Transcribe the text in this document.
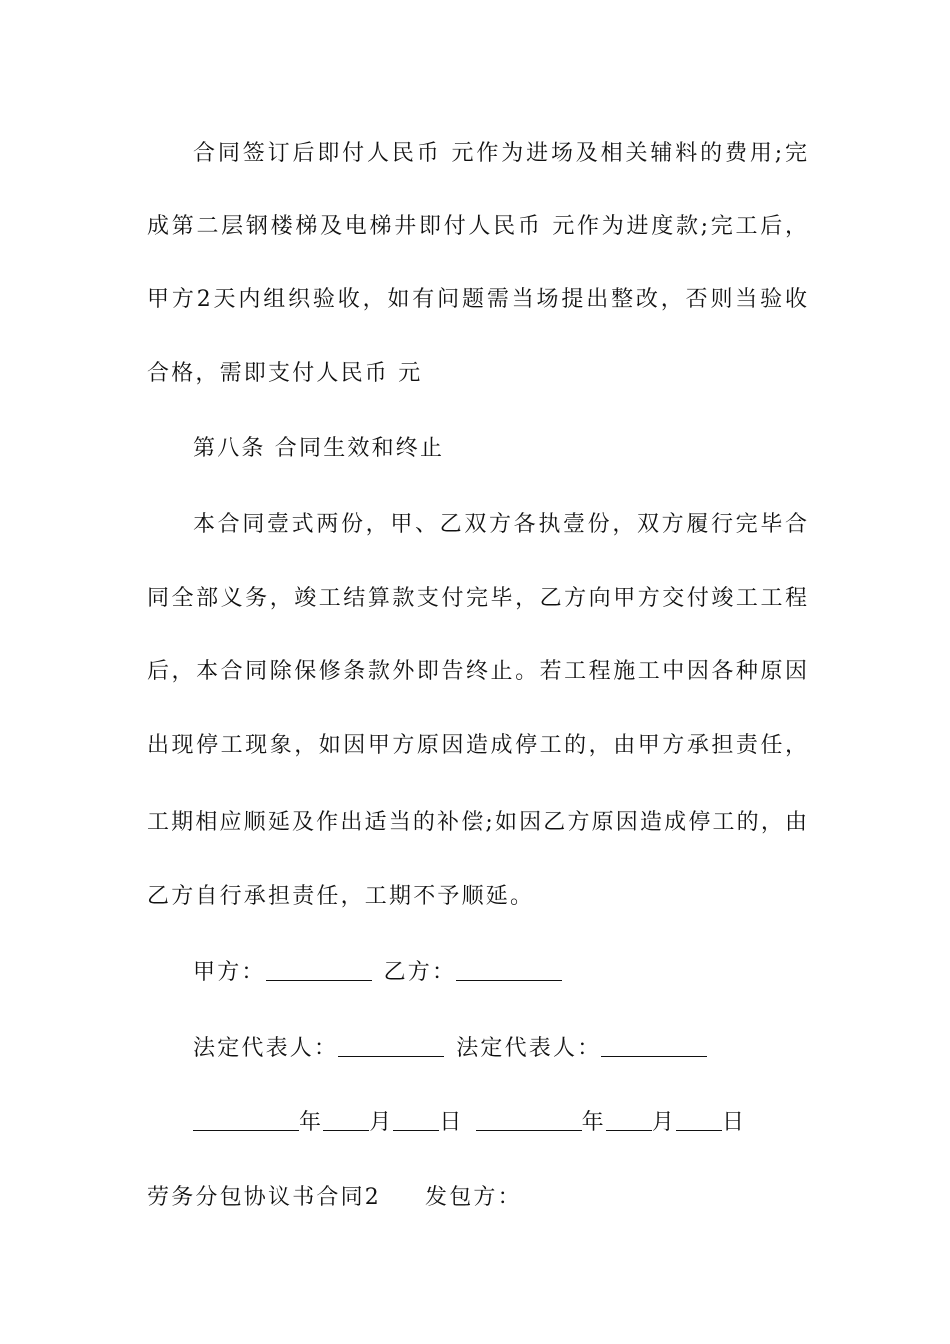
合同签订后即付人民币 元作为进场及相关辅料的费用;完
成第二层钢楼梯及电梯井即付人民币 元作为进度款;完工后，
甲方2天内组织验收，如有问题需当场提出整改，否则当验收
合格，需即支付人民币 元
第八条 合同生效和终止
本合同壹式两份，甲、乙双方各执壹份，双方履行完毕合
同全部义务，竣工结算款支付完毕，乙方向甲方交付竣工工程
后，本合同除保修条款外即告终止。若工程施工中因各种原因
出现停工现象，如因甲方原因造成停工的，由甲方承担责任，
工期相应顺延及作出适当的补偿;如因乙方原因造成停工的，由
乙方自行承担责任，工期不予顺延。
甲方：	乙方：
法定代表人：	法定代表人：
年 月 日	年 月 日
劳务分包协议书合同2 发包方：
